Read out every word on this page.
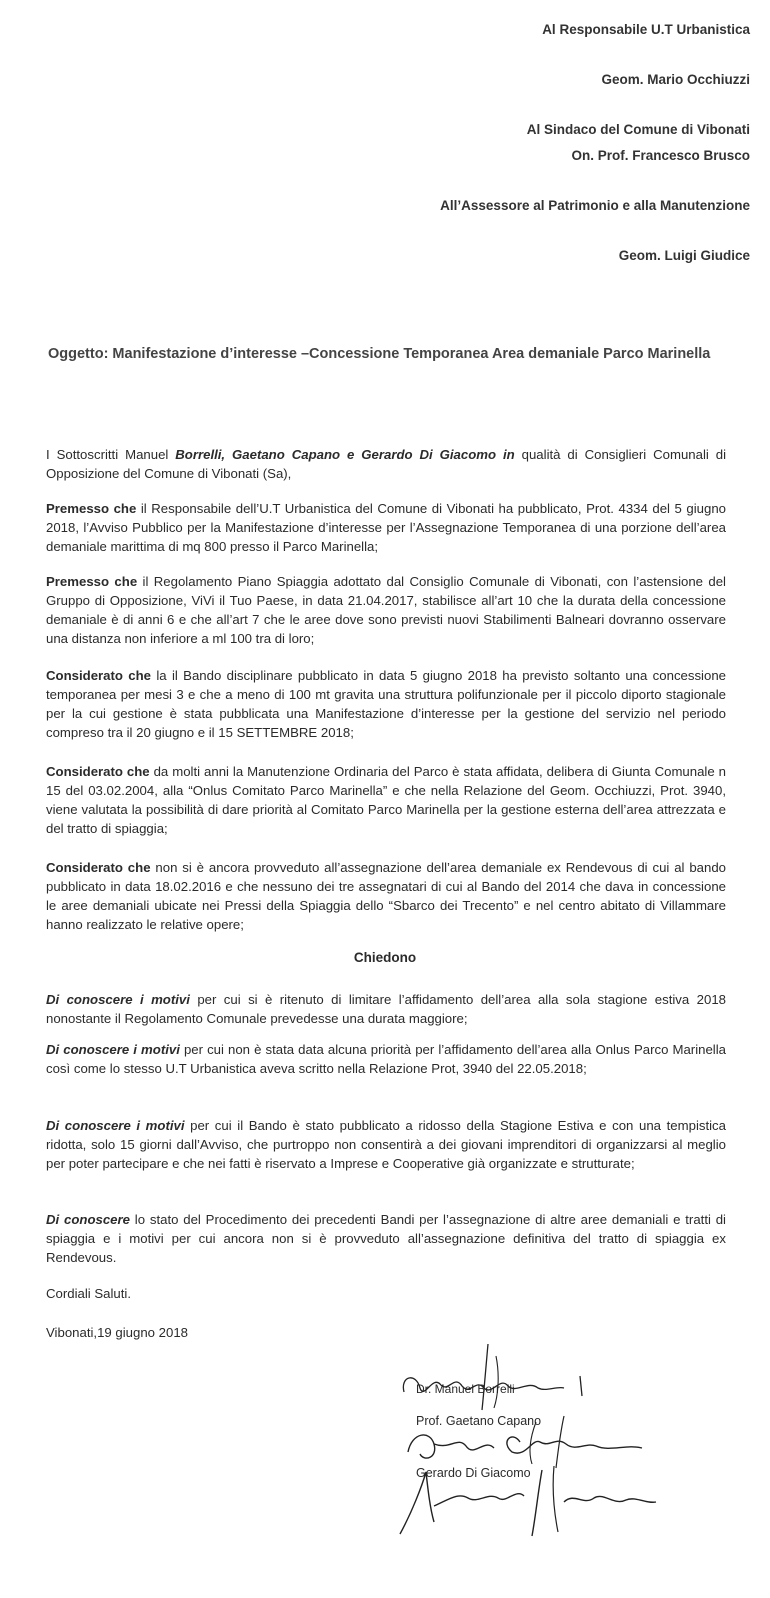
Al Responsabile U.T Urbanistica
Geom. Mario Occhiuzzi
Al Sindaco del Comune di Vibonati
On. Prof. Francesco Brusco
All’Assessore al Patrimonio e alla Manutenzione
Geom. Luigi Giudice
Oggetto: Manifestazione d’interesse –Concessione Temporanea Area demaniale Parco Marinella
I Sottoscritti Manuel Borrelli, Gaetano Capano e Gerardo Di Giacomo in qualità di Consiglieri Comunali di Opposizione del Comune di Vibonati (Sa),
Premesso che il Responsabile dell’U.T Urbanistica del Comune di Vibonati ha pubblicato, Prot. 4334 del 5 giugno 2018, l’Avviso Pubblico per la Manifestazione d’interesse per l’Assegnazione Temporanea di una porzione dell’area demaniale marittima di mq 800 presso il Parco Marinella;
Premesso che il Regolamento Piano Spiaggia adottato dal Consiglio Comunale di Vibonati, con l’astensione del Gruppo di Opposizione, ViVi il Tuo Paese, in data 21.04.2017, stabilisce all’art 10 che la durata della concessione demaniale è di anni 6 e che all’art 7 che le aree dove sono previsti nuovi Stabilimenti Balneari dovranno osservare una distanza non inferiore a ml 100 tra di loro;
Considerato che la il Bando disciplinare pubblicato in data 5 giugno 2018 ha previsto soltanto una concessione temporanea per mesi 3 e che a meno di 100 mt gravita una struttura polifunzionale per il piccolo diporto stagionale per la cui gestione è stata pubblicata una Manifestazione d’interesse per la gestione del servizio nel periodo compreso tra il 20 giugno e il 15 SETTEMBRE 2018;
Considerato che da molti anni la Manutenzione Ordinaria del Parco è stata affidata, delibera di Giunta Comunale n 15 del 03.02.2004, alla “Onlus Comitato Parco Marinella” e che nella Relazione del Geom. Occhiuzzi, Prot. 3940, viene valutata la possibilità di dare priorità al Comitato Parco Marinella per la gestione esterna dell’area attrezzata e del tratto di spiaggia;
Considerato che non si è ancora provveduto all’assegnazione dell’area demaniale ex Rendevous di cui al bando pubblicato in data 18.02.2016 e che nessuno dei tre assegnatari di cui al Bando del 2014 che dava in concessione le aree demaniali ubicate nei Pressi della Spiaggia dello “Sbarco dei Trecento” e nel centro abitato di Villammare hanno realizzato le relative opere;
Chiedono
Di conoscere i motivi per cui si è ritenuto di limitare l’affidamento dell’area alla sola stagione estiva 2018 nonostante il Regolamento Comunale prevedesse una durata maggiore;
Di conoscere i motivi per cui non è stata data alcuna priorità per l’affidamento dell’area alla Onlus Parco Marinella così come lo stesso U.T Urbanistica aveva scritto nella Relazione Prot, 3940 del 22.05.2018;
Di conoscere i motivi per cui il Bando è stato pubblicato a ridosso della Stagione Estiva e con una tempistica ridotta, solo 15 giorni dall’Avviso, che purtroppo non consentirà a dei giovani imprenditori di organizzarsi al meglio per poter partecipare e che nei fatti è riservato a Imprese e Cooperative già organizzate e strutturate;
Di conoscere lo stato del Procedimento dei precedenti Bandi per l’assegnazione di altre aree demaniali e tratti di spiaggia e i motivi per cui ancora non si è provveduto all’assegnazione definitiva del tratto di spiaggia ex Rendevous.
Cordiali Saluti.
Vibonati,19 giugno 2018
Dr. Manuel Borrelli
Prof. Gaetano Capano
Gerardo Di Giacomo
